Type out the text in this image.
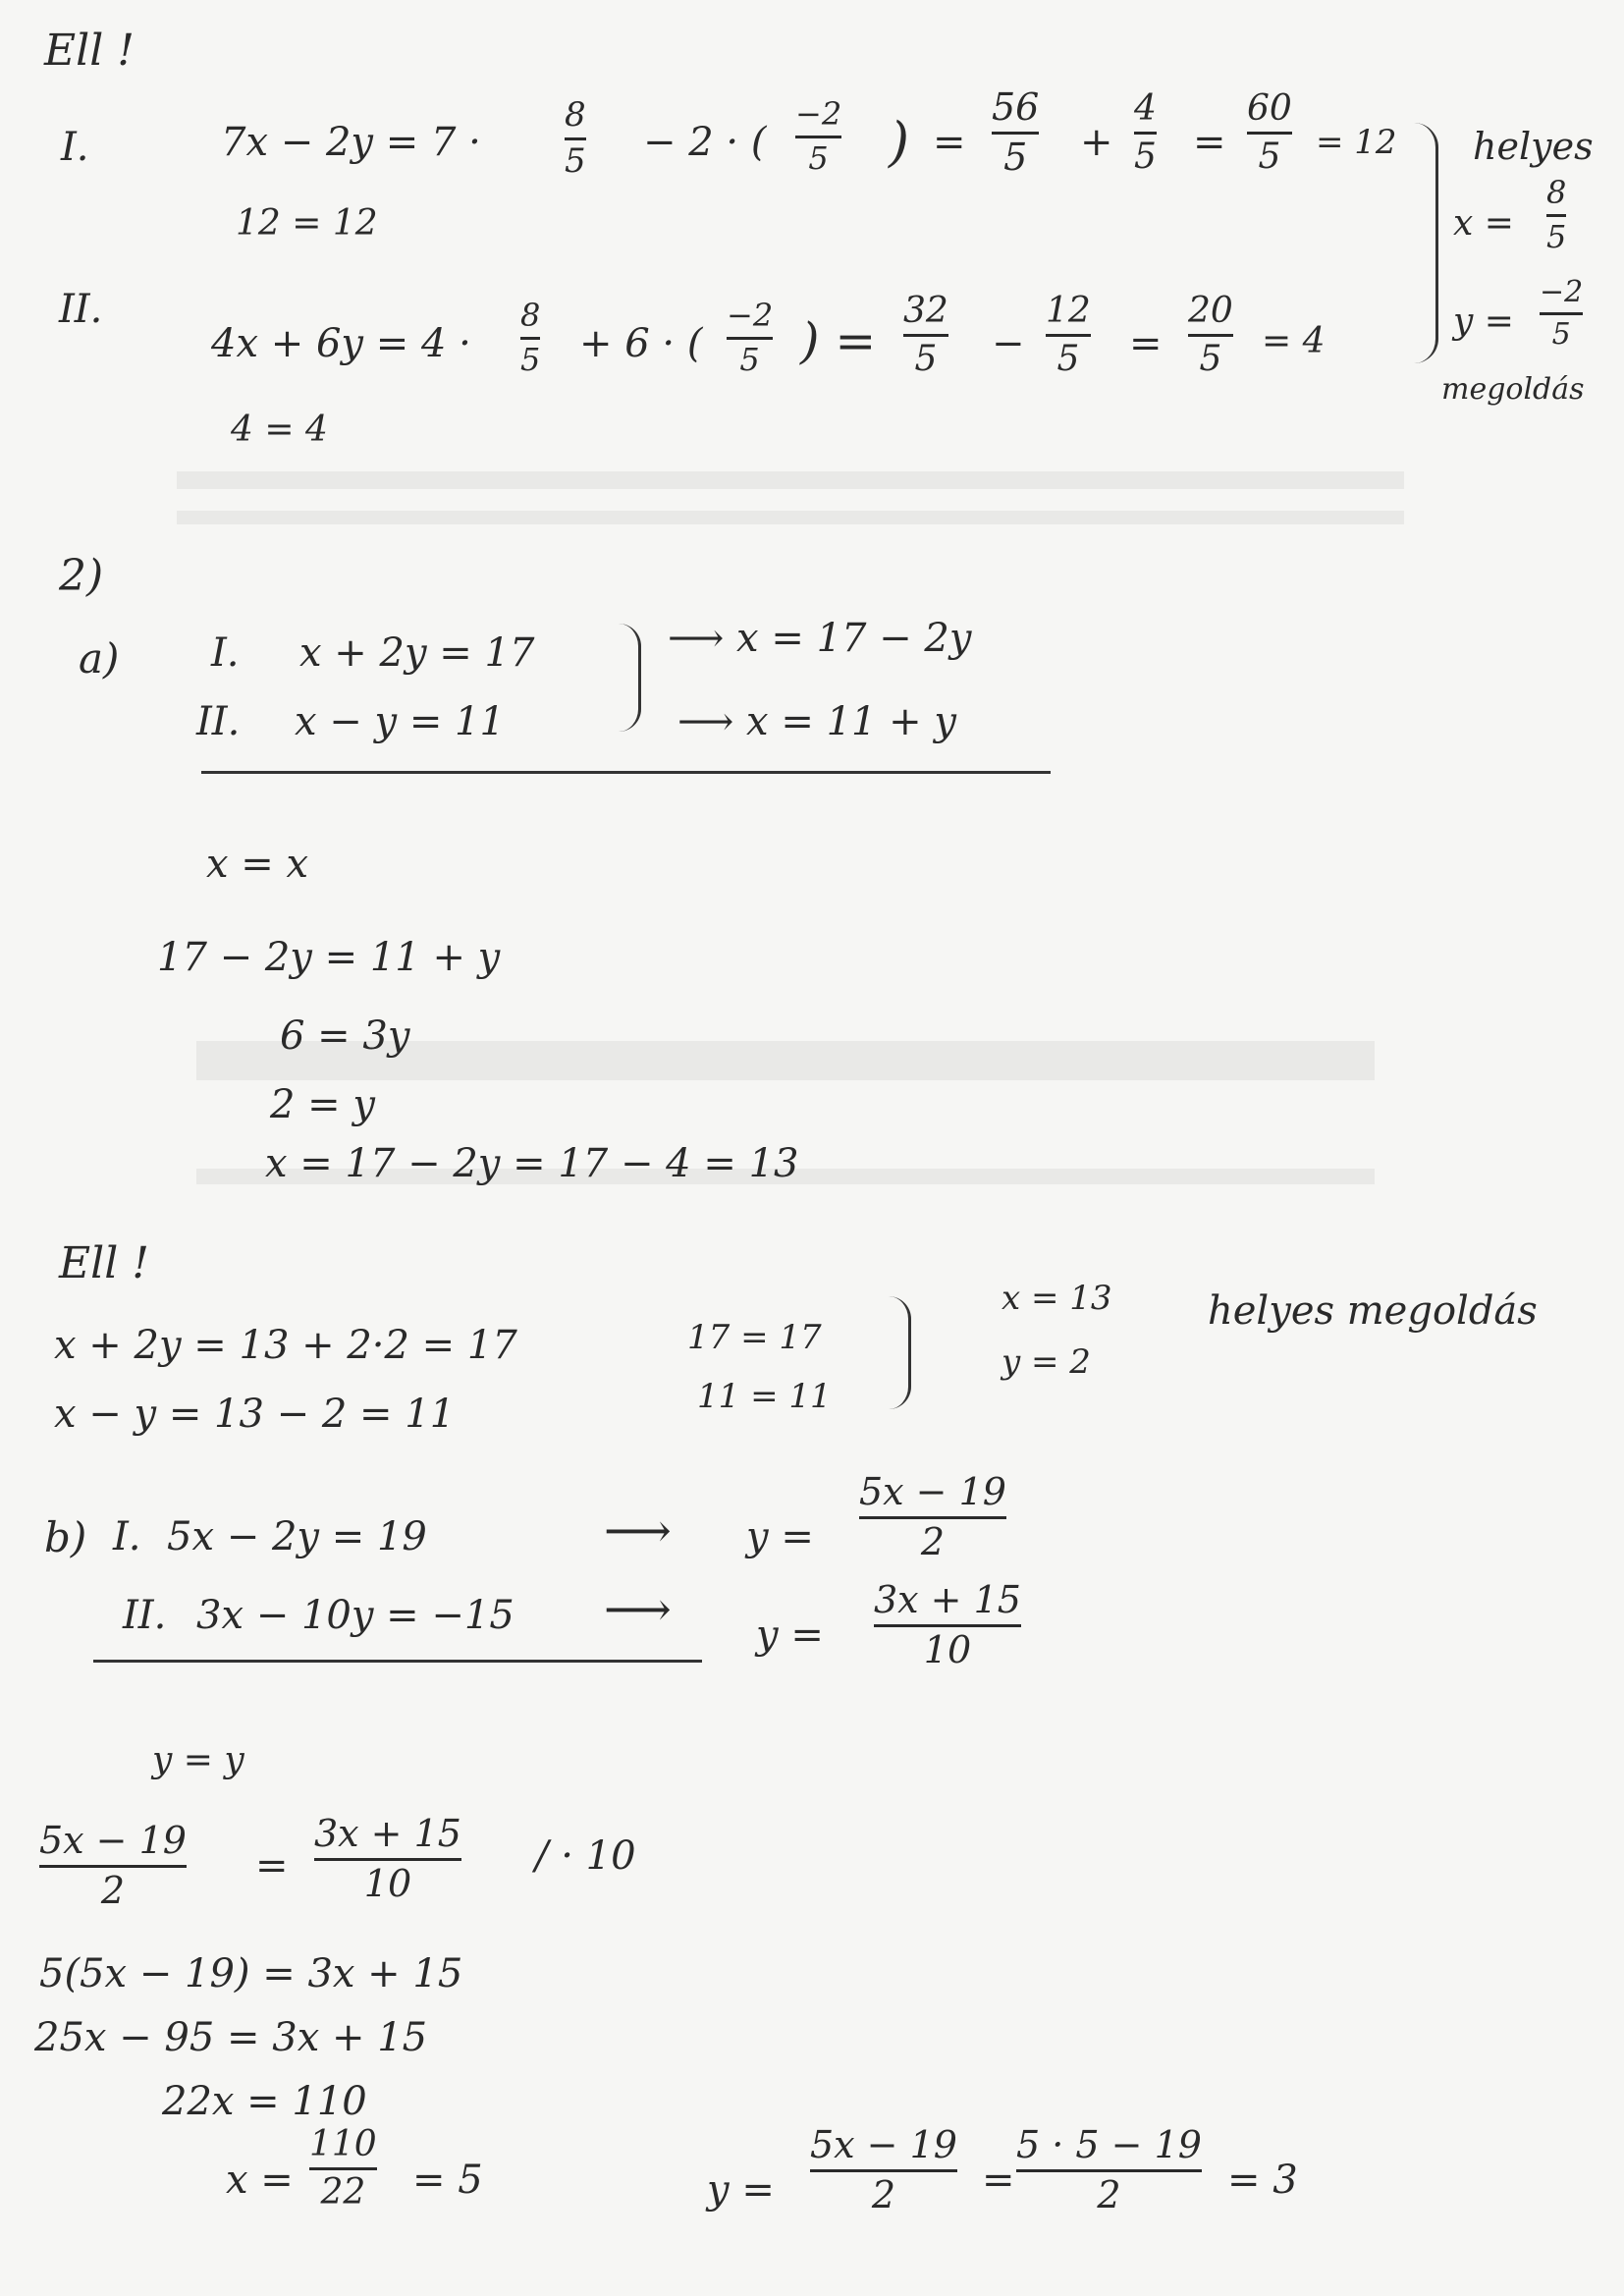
Ell !
I.	7x − 2y = 7 ·
8
5 − 2 · (
−2
5 ) =
56
5	+
4
5 =
60
5	= 12
12 = 12
II.
4x + 6y = 4 ·
8
5 + 6 · (
−2
5 ) =
32
5 −
12
5 =
20
5	= 4
4 = 4
helyes
x =
8
5
y =
−2
5
megoldás
2)
a) I.
II.
x + 2y = 17
x − y = 11
⟶ x = 17 − 2y
⟶ x = 11 + y
x = x
17 − 2y = 11 + y
6 = 3y
2 = y
x = 17 − 2y = 17 − 4 = 13
Ell !
x + 2y = 13 + 2·2 = 17
x − y = 13 − 2 = 11
17 = 17
11 = 11
x = 13
y = 2
helyes megoldás
b) I. 5x − 2y = 19	⟶ y =
5x − 19
2
II. 3x − 10y = −15 ⟶ y =
3x + 15
10
y = y
5x − 19
2
=
3x + 15
10
/ · 10
5(5x − 19) = 3x + 15
25x − 95 = 3x + 15
22x = 110
x =
110
22 = 5	y =
5x − 19
2	=
5 · 5 − 19
2	= 3
